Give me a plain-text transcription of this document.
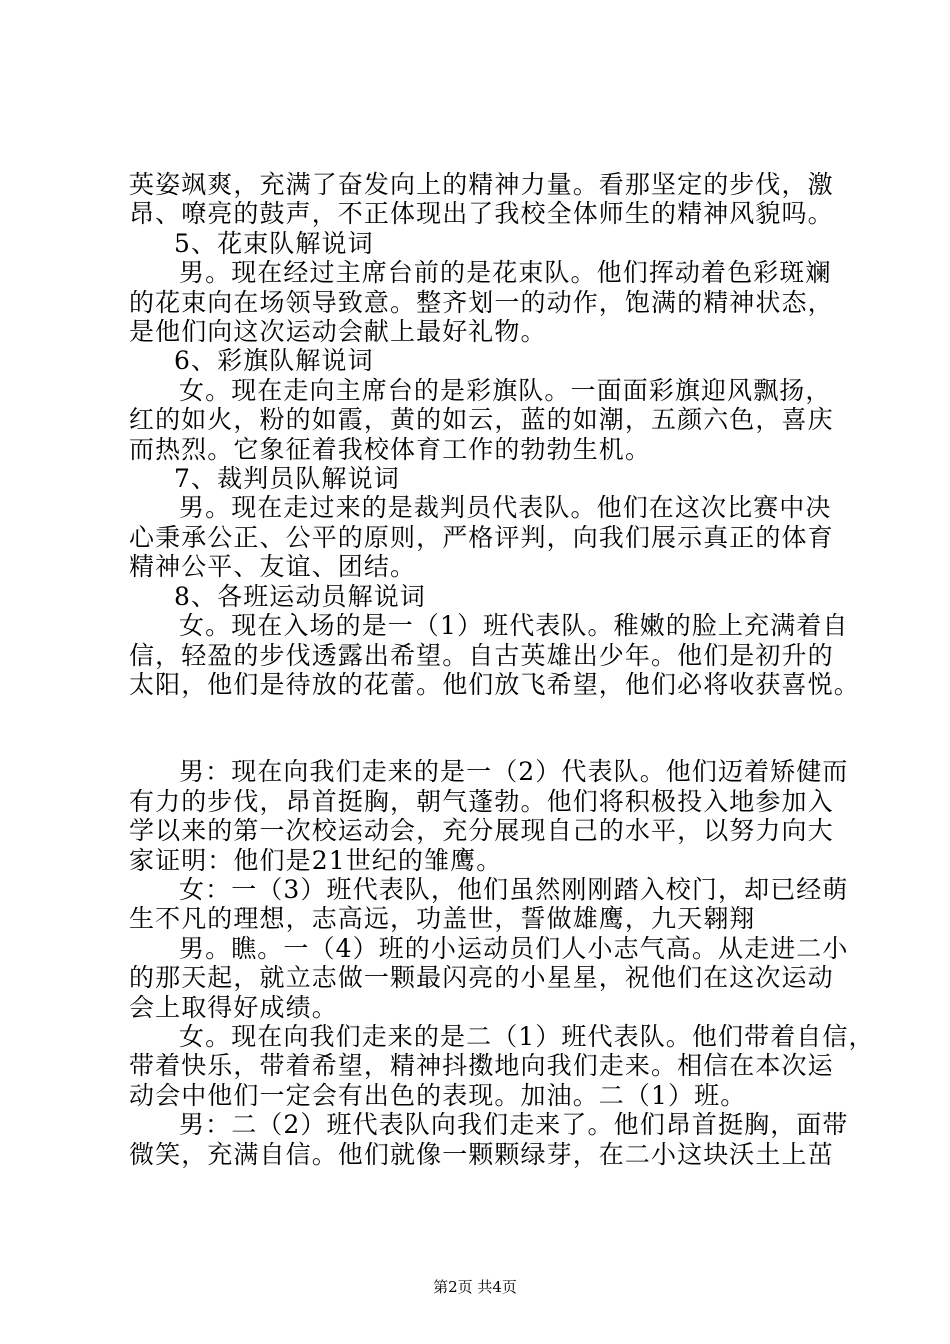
英姿飒爽，充满了奋发向上的精神力量。看那坚定的步伐，激
昂、嘹亮的鼓声，不正体现出了我校全体师生的精神风貌吗。
5、花束队解说词
男。现在经过主席台前的是花束队。他们挥动着色彩斑斓
的花束向在场领导致意。整齐划一的动作，饱满的精神状态，
是他们向这次运动会献上最好礼物。
6、彩旗队解说词
女。现在走向主席台的是彩旗队。一面面彩旗迎风飘扬，
红的如火，粉的如霞，黄的如云，蓝的如潮，五颜六色，喜庆
而热烈。它象征着我校体育工作的勃勃生机。
7、裁判员队解说词
男。现在走过来的是裁判员代表队。他们在这次比赛中决
心秉承公正、公平的原则，严格评判，向我们展示真正的体育
精神公平、友谊、团结。
8、各班运动员解说词
女。现在入场的是一（1）班代表队。稚嫩的脸上充满着自
信，轻盈的步伐透露出希望。自古英雄出少年。他们是初升的
太阳，他们是待放的花蕾。他们放飞希望，他们必将收获喜悦。
男：现在向我们走来的是一（2）代表队。他们迈着矫健而
有力的步伐，昂首挺胸，朝气蓬勃。他们将积极投入地参加入
学以来的第一次校运动会，充分展现自己的水平，以努力向大
家证明：他们是21世纪的雏鹰。
女：一（3）班代表队，他们虽然刚刚踏入校门，却已经萌
生不凡的理想，志高远，功盖世，誓做雄鹰，九天翱翔
男。瞧。一（4）班的小运动员们人小志气高。从走进二小
的那天起，就立志做一颗最闪亮的小星星，祝他们在这次运动
会上取得好成绩。
女。现在向我们走来的是二（1）班代表队。他们带着自信，
带着快乐，带着希望，精神抖擞地向我们走来。相信在本次运
动会中他们一定会有出色的表现。加油。二（1）班。
男：二（2）班代表队向我们走来了。他们昂首挺胸，面带
微笑，充满自信。他们就像一颗颗绿芽，在二小这块沃土上茁
第2页 共4页
